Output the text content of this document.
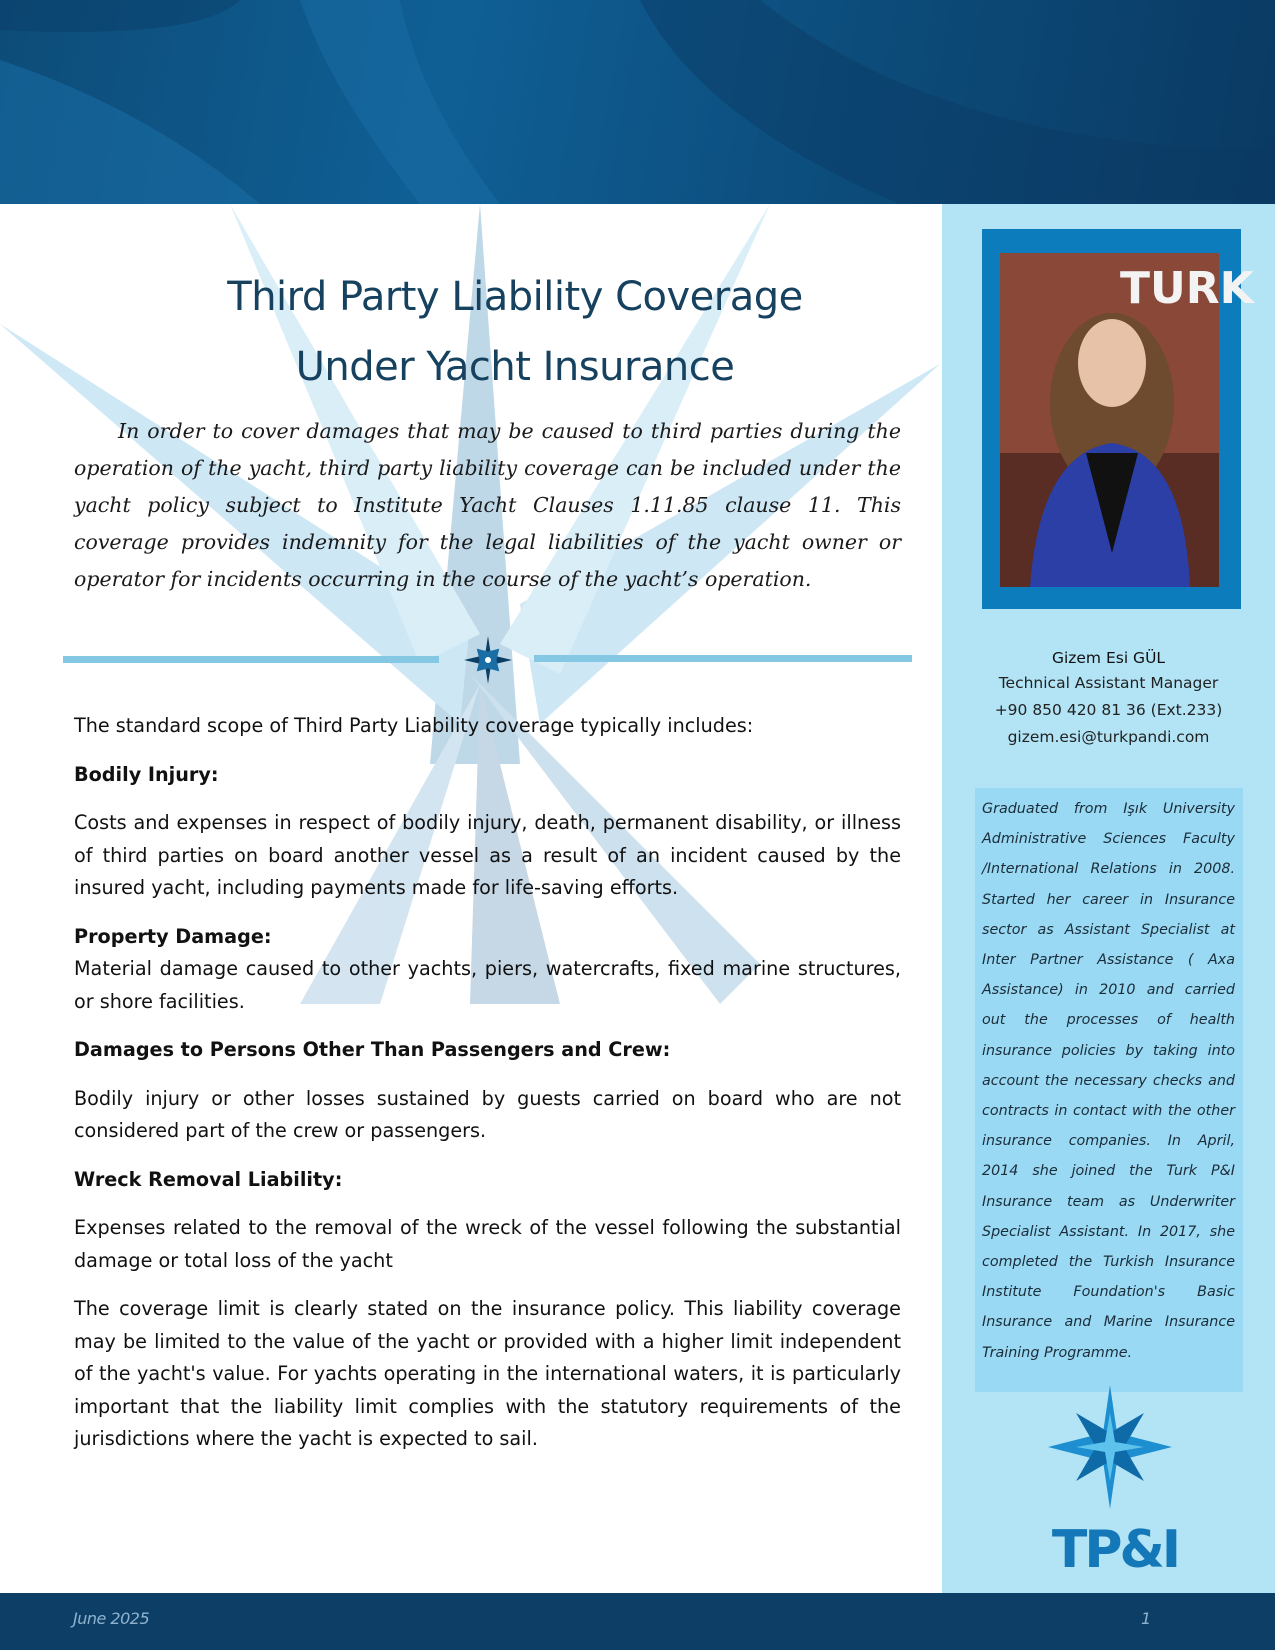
Third Party Liability Coverage
Under Yacht Insurance

In order to cover damages that may be caused to third parties during the operation of the yacht, third party liability coverage can be included under the yacht policy subject to Institute Yacht Clauses 1.11.85 clause 11. This coverage provides indemnity for the legal liabilities of the yacht owner or operator for incidents occurring in the course of the yacht’s operation.

The standard scope of Third Party Liability coverage typically includes:

Bodily Injury:

Costs and expenses in respect of bodily injury, death, permanent disability, or illness of third parties on board another vessel as a result of an incident caused by the insured yacht, including payments made for life-saving efforts.

Property Damage:

Material damage caused to other yachts, piers, watercrafts, fixed marine structures, or shore facilities.

Damages to Persons Other Than Passengers and Crew:

Bodily injury or other losses sustained by guests carried on board who are not considered part of the crew or passengers.

Wreck Removal Liability:

Expenses related to the removal of the wreck of the vessel following the substantial damage or total loss of the yacht

The coverage limit is clearly stated on the insurance policy. This liability coverage may be limited to the value of the yacht or provided with a higher limit independent of the yacht's value. For yachts operating in the international waters, it is particularly important that the liability limit complies with the statutory requirements of the jurisdictions where the yacht is expected to sail.

TURK
Gizem Esi GÜL
Technical Assistant Manager
+90 850 420 81 36 (Ext.233)
gizem.esi@turkpandi.com

Graduated from Işık University Administrative Sciences Faculty /International Relations in 2008. Started her career in Insurance sector as Assistant Specialist at Inter Partner Assistance ( Axa Assistance) in 2010 and carried out the processes of health insurance policies by taking into account the necessary checks and contracts in contact with the other insurance companies. In April, 2014 she joined the Turk P&I Insurance team as Underwriter Specialist Assistant. In 2017, she completed the Turkish Insurance Institute Foundation's Basic Insurance and Marine Insurance Training Programme.

TP&I
June 2025	1
